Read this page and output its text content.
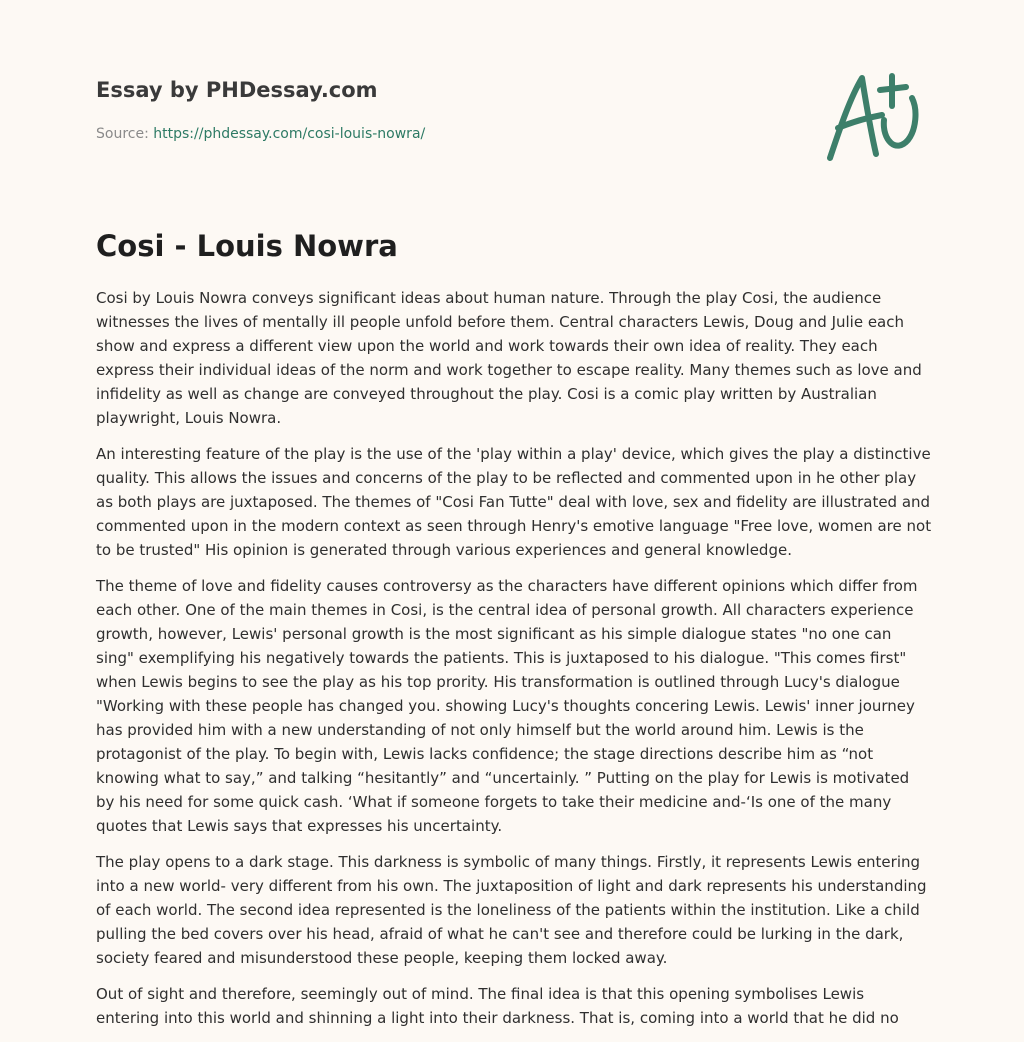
Essay by PHDessay.com
Source: https://phdessay.com/cosi-louis-nowra/
Cosi - Louis Nowra

Cosi by Louis Nowra conveys significant ideas about human nature. Through the play Cosi, the audience witnesses the lives of mentally ill people unfold before them. Central characters Lewis, Doug and Julie each show and express a different view upon the world and work towards their own idea of reality. They each express their individual ideas of the norm and work together to escape reality. Many themes such as love and infidelity as well as change are conveyed throughout the play. Cosi is a comic play written by Australian playwright, Louis Nowra.

An interesting feature of the play is the use of the 'play within a play' device, which gives the play a distinctive quality. This allows the issues and concerns of the play to be reflected and commented upon in he other play as both plays are juxtaposed. The themes of "Cosi Fan Tutte" deal with love, sex and fidelity are illustrated and commented upon in the modern context as seen through Henry's emotive language "Free love, women are not to be trusted" His opinion is generated through various experiences and general knowledge.

The theme of love and fidelity causes controversy as the characters have different opinions which differ from each other. One of the main themes in Cosi, is the central idea of personal growth. All characters experience growth, however, Lewis' personal growth is the most significant as his simple dialogue states "no one can sing" exemplifying his negatively towards the patients. This is juxtaposed to his dialogue. "This comes first" when Lewis begins to see the play as his top prority. His transformation is outlined through Lucy's dialogue "Working with these people has changed you. showing Lucy's thoughts concering Lewis. Lewis' inner journey has provided him with a new understanding of not only himself but the world around him. Lewis is the protagonist of the play. To begin with, Lewis lacks confidence; the stage directions describe him as “not knowing what to say,” and talking “hesitantly” and “uncertainly. ” Putting on the play for Lewis is motivated by his need for some quick cash. ‘What if someone forgets to take their medicine and-‘Is one of the many quotes that Lewis says that expresses his uncertainty.

The play opens to a dark stage. This darkness is symbolic of many things. Firstly, it represents Lewis entering into a new world- very different from his own. The juxtaposition of light and dark represents his understanding of each world. The second idea represented is the loneliness of the patients within the institution. Like a child pulling the bed covers over his head, afraid of what he can't see and therefore could be lurking in the dark, society feared and misunderstood these people, keeping them locked away.

Out of sight and therefore, seemingly out of mind. The final idea is that this opening symbolises Lewis entering into this world and shinning a light into their darkness. That is, coming into a world that he did no
